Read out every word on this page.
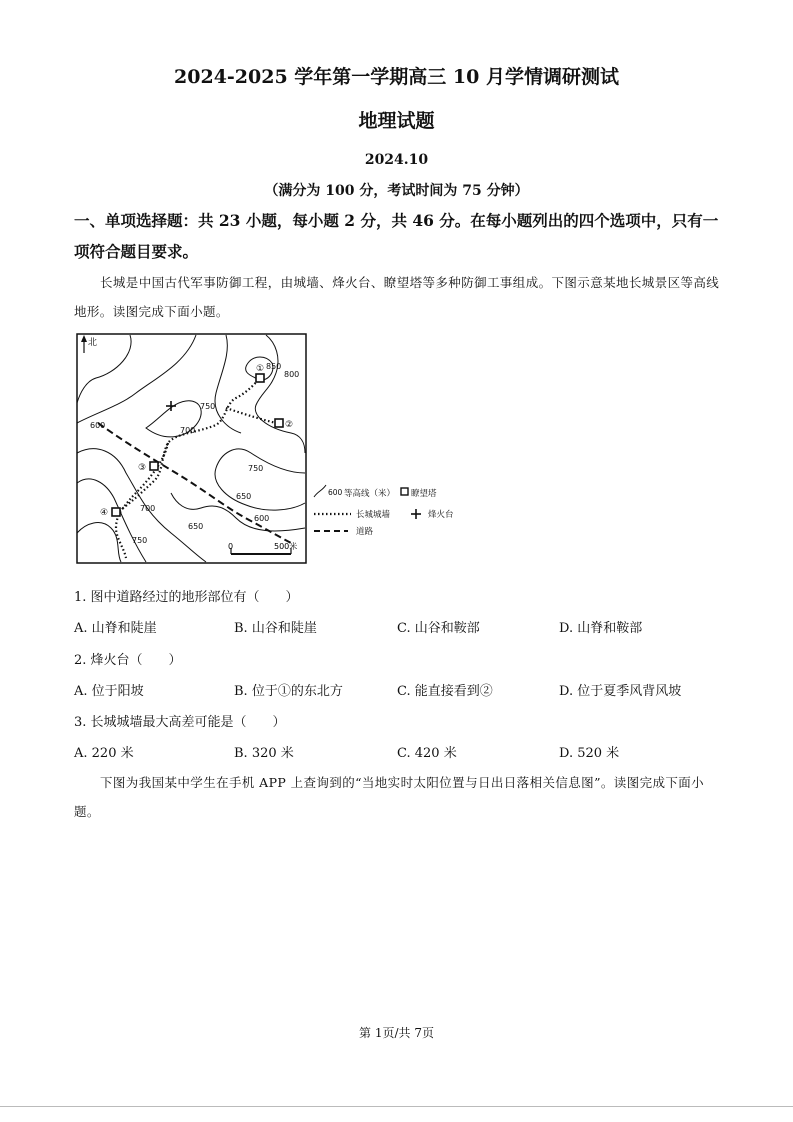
2024-2025 学年第一学期高三 10 月学情调研测试
地理试题
2024.10
（满分为 100 分，考试时间为 75 分钟）
一、单项选择题：共 23 小题，每小题 2 分，共 46 分。在每小题列出的四个选项中，只有一项符合题目要求。
长城是中国古代军事防御工程，由城墙、烽火台、瞭望塔等多种防御工事组成。下图示意某地长城景区等高线地形。读图完成下面小题。
北
850
800
750
700
600
750
650
600
650
700
750
①
②
③
④
0	500米
600 等高线（米） 瞭望塔
长城城墙	烽火台
道路
1. 图中道路经过的地形部位有（　　）
A. 山脊和陡崖	B. 山谷和陡崖	C. 山谷和鞍部	D. 山脊和鞍部
2. 烽火台（　　）
A. 位于阳坡	B. 位于①的东北方	C. 能直接看到②	D. 位于夏季风背风坡
3. 长城城墙最大高差可能是（　　）
A. 220 米	B. 320 米	C. 420 米	D. 520 米
下图为我国某中学生在手机 APP 上查询到的“当地实时太阳位置与日出日落相关信息图”。读图完成下面小题。
第 1页/共 7页
